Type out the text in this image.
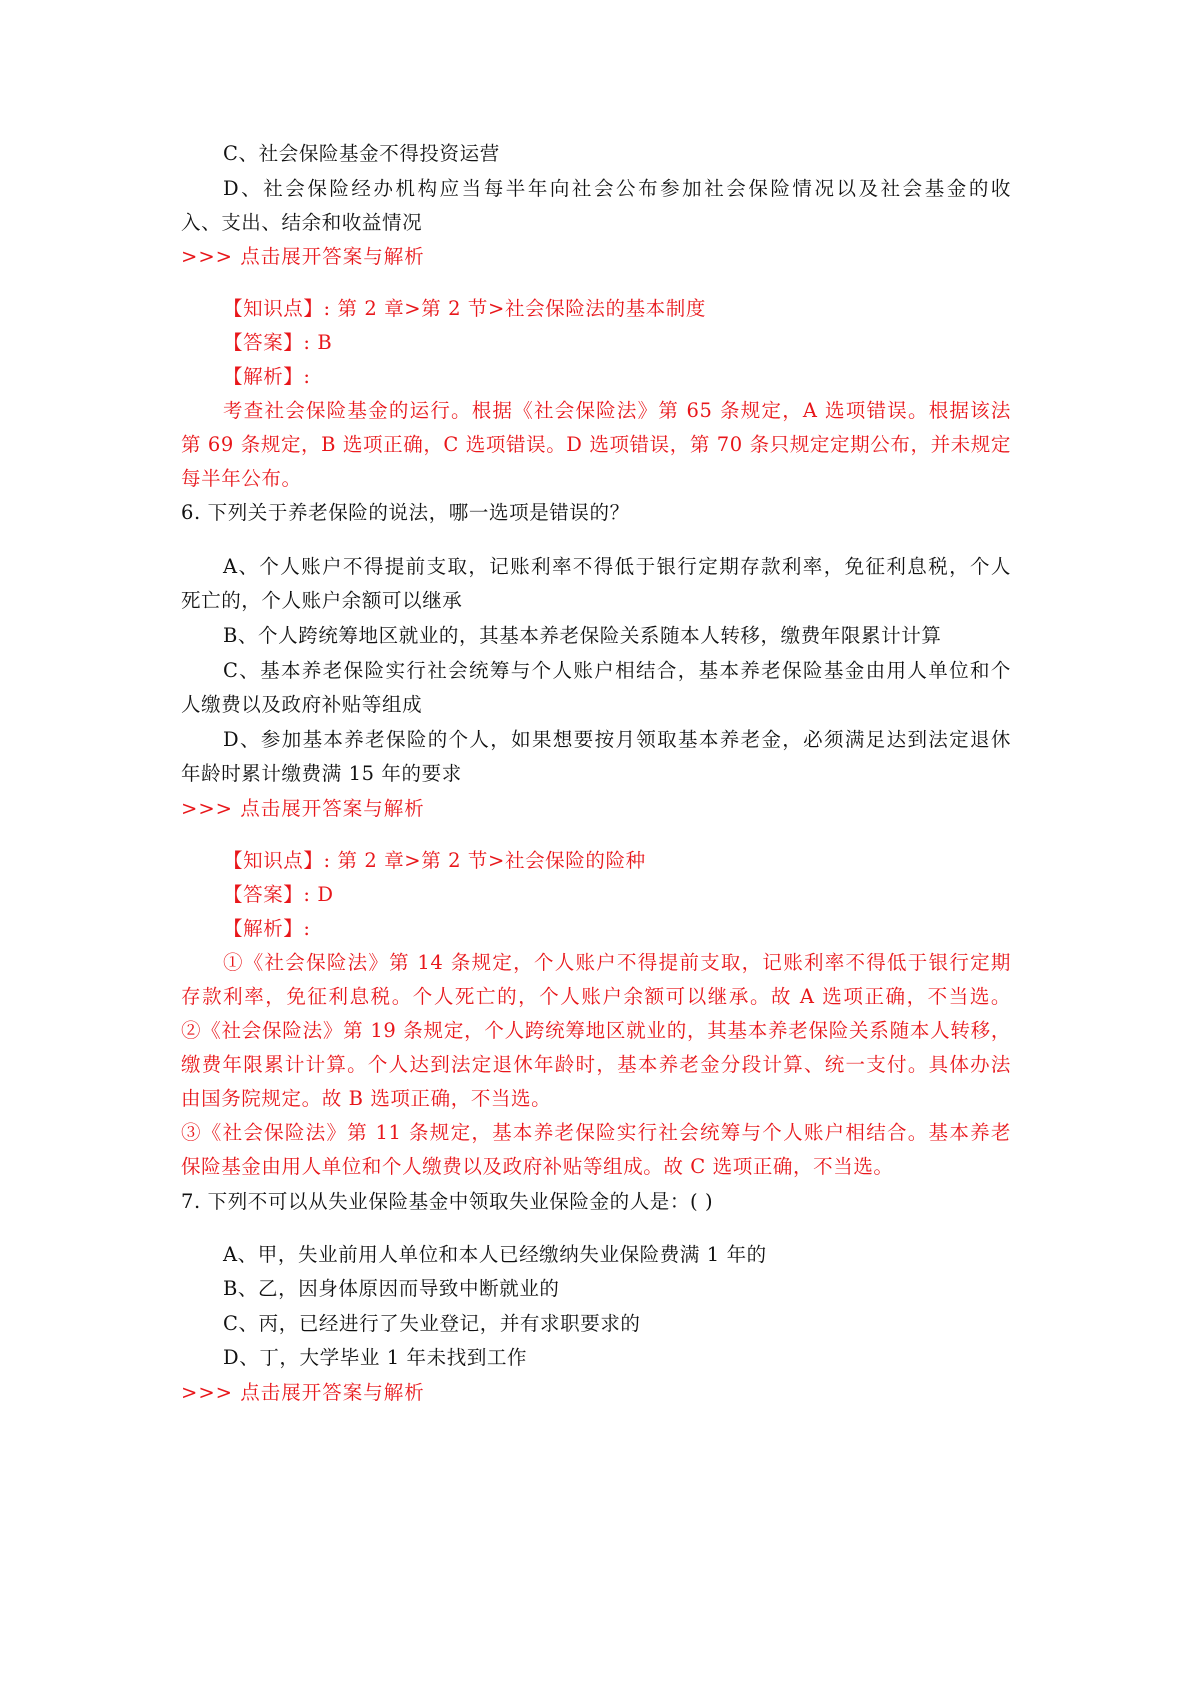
C、社会保险基金不得投资运营
D、社会保险经办机构应当每半年向社会公布参加社会保险情况以及社会基金的收
入、支出、结余和收益情况
>>> 点击展开答案与解析
【知识点】: 第 2 章>第 2 节>社会保险法的基本制度
【答案】: B
【解析】:
考查社会保险基金的运行。根据《社会保险法》第 65 条规定，A 选项错误。根据该法
第 69 条规定，B 选项正确，C 选项错误。D 选项错误，第 70 条只规定定期公布，并未规定
每半年公布。
6. 下列关于养老保险的说法，哪一选项是错误的？
A、个人账户不得提前支取，记账利率不得低于银行定期存款利率，免征利息税，个人
死亡的，个人账户余额可以继承
B、个人跨统筹地区就业的，其基本养老保险关系随本人转移，缴费年限累计计算
C、基本养老保险实行社会统筹与个人账户相结合，基本养老保险基金由用人单位和个
人缴费以及政府补贴等组成
D、参加基本养老保险的个人，如果想要按月领取基本养老金，必须满足达到法定退休
年龄时累计缴费满 15 年的要求
>>> 点击展开答案与解析
【知识点】: 第 2 章>第 2 节>社会保险的险种
【答案】: D
【解析】:
①《社会保险法》第 14 条规定，个人账户不得提前支取，记账利率不得低于银行定期
存款利率，免征利息税。个人死亡的，个人账户余额可以继承。故 A 选项正确，不当选。
②《社会保险法》第 19 条规定，个人跨统筹地区就业的，其基本养老保险关系随本人转移，
缴费年限累计计算。个人达到法定退休年龄时，基本养老金分段计算、统一支付。具体办法
由国务院规定。故 B 选项正确，不当选。
③《社会保险法》第 11 条规定，基本养老保险实行社会统筹与个人账户相结合。基本养老
保险基金由用人单位和个人缴费以及政府补贴等组成。故 C 选项正确，不当选。
7. 下列不可以从失业保险基金中领取失业保险金的人是：( )
A、甲，失业前用人单位和本人已经缴纳失业保险费满 1 年的
B、乙，因身体原因而导致中断就业的
C、丙，已经进行了失业登记，并有求职要求的
D、丁，大学毕业 1 年未找到工作
>>> 点击展开答案与解析
